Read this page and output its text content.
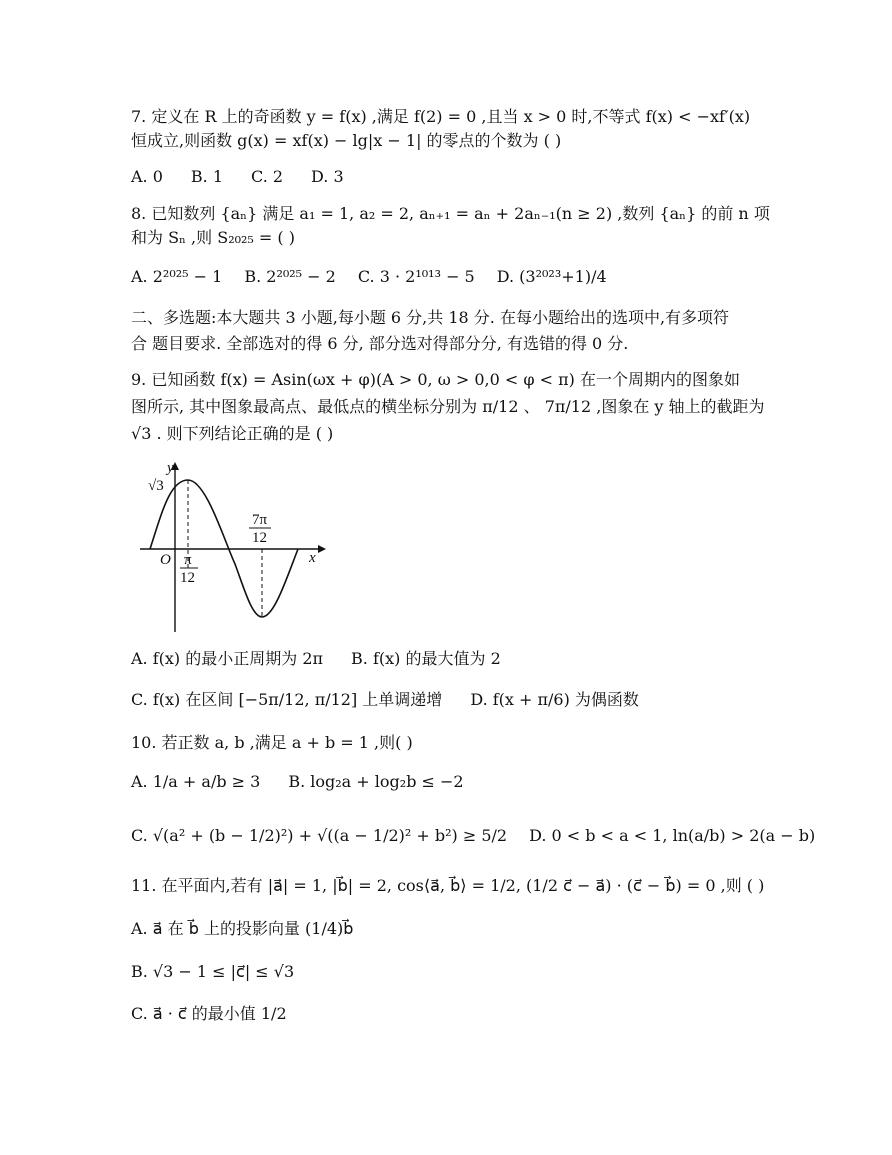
7. 定义在 R 上的奇函数 y = f(x) ,满足 f(2) = 0 ,且当 x > 0 时,不等式 f(x) < −xf′(x)
恒成立,则函数 g(x) = xf(x) − lg|x − 1| 的零点的个数为 ( )
A. 0 B. 1 C. 2 D. 3
8. 已知数列 {aₙ} 满足 a₁ = 1, a₂ = 2, aₙ₊₁ = aₙ + 2aₙ₋₁(n ≥ 2) ,数列 {aₙ} 的前 n 项
和为 Sₙ ,则 S₂₀₂₅ = ( )
A. 2²⁰²⁵ − 1 B. 2²⁰²⁵ − 2 C. 3 · 2¹⁰¹³ − 5 D. (3²⁰²³+1)/4
二、多选题:本大题共 3 小题,每小题 6 分,共 18 分. 在每小题给出的选项中,有多项符
合 题目要求. 全部选对的得 6 分, 部分选对得部分分, 有选错的得 0 分.
9. 已知函数 f(x) = Asin(ωx + φ)(A > 0, ω > 0,0 < φ < π) 在一个周期内的图象如
图所示, 其中图象最高点、最低点的横坐标分别为 π/12 、 7π/12 ,图象在 y 轴上的截距为
√3 . 则下列结论正确的是 ( )
y
x
O
√3
π
12
7π
12
A. f(x) 的最小正周期为 2π B. f(x) 的最大值为 2
C. f(x) 在区间 [−5π/12, π/12] 上单调递增 D. f(x + π/6) 为偶函数
10. 若正数 a, b ,满足 a + b = 1 ,则( )
A. 1/a + a/b ≥ 3 B. log₂a + log₂b ≤ −2
C. √(a² + (b − 1/2)²) + √((a − 1/2)² + b²) ≥ 5/2 D. 0 < b < a < 1, ln(a/b) > 2(a − b)
11. 在平面内,若有 |a⃗| = 1, |b⃗| = 2, cos⟨a⃗, b⃗⟩ = 1/2, (1/2 c⃗ − a⃗) · (c⃗ − b⃗) = 0 ,则 ( )
A. a⃗ 在 b⃗ 上的投影向量 (1/4)b⃗
B. √3 − 1 ≤ |c⃗| ≤ √3
C. a⃗ · c⃗ 的最小值 1/2
